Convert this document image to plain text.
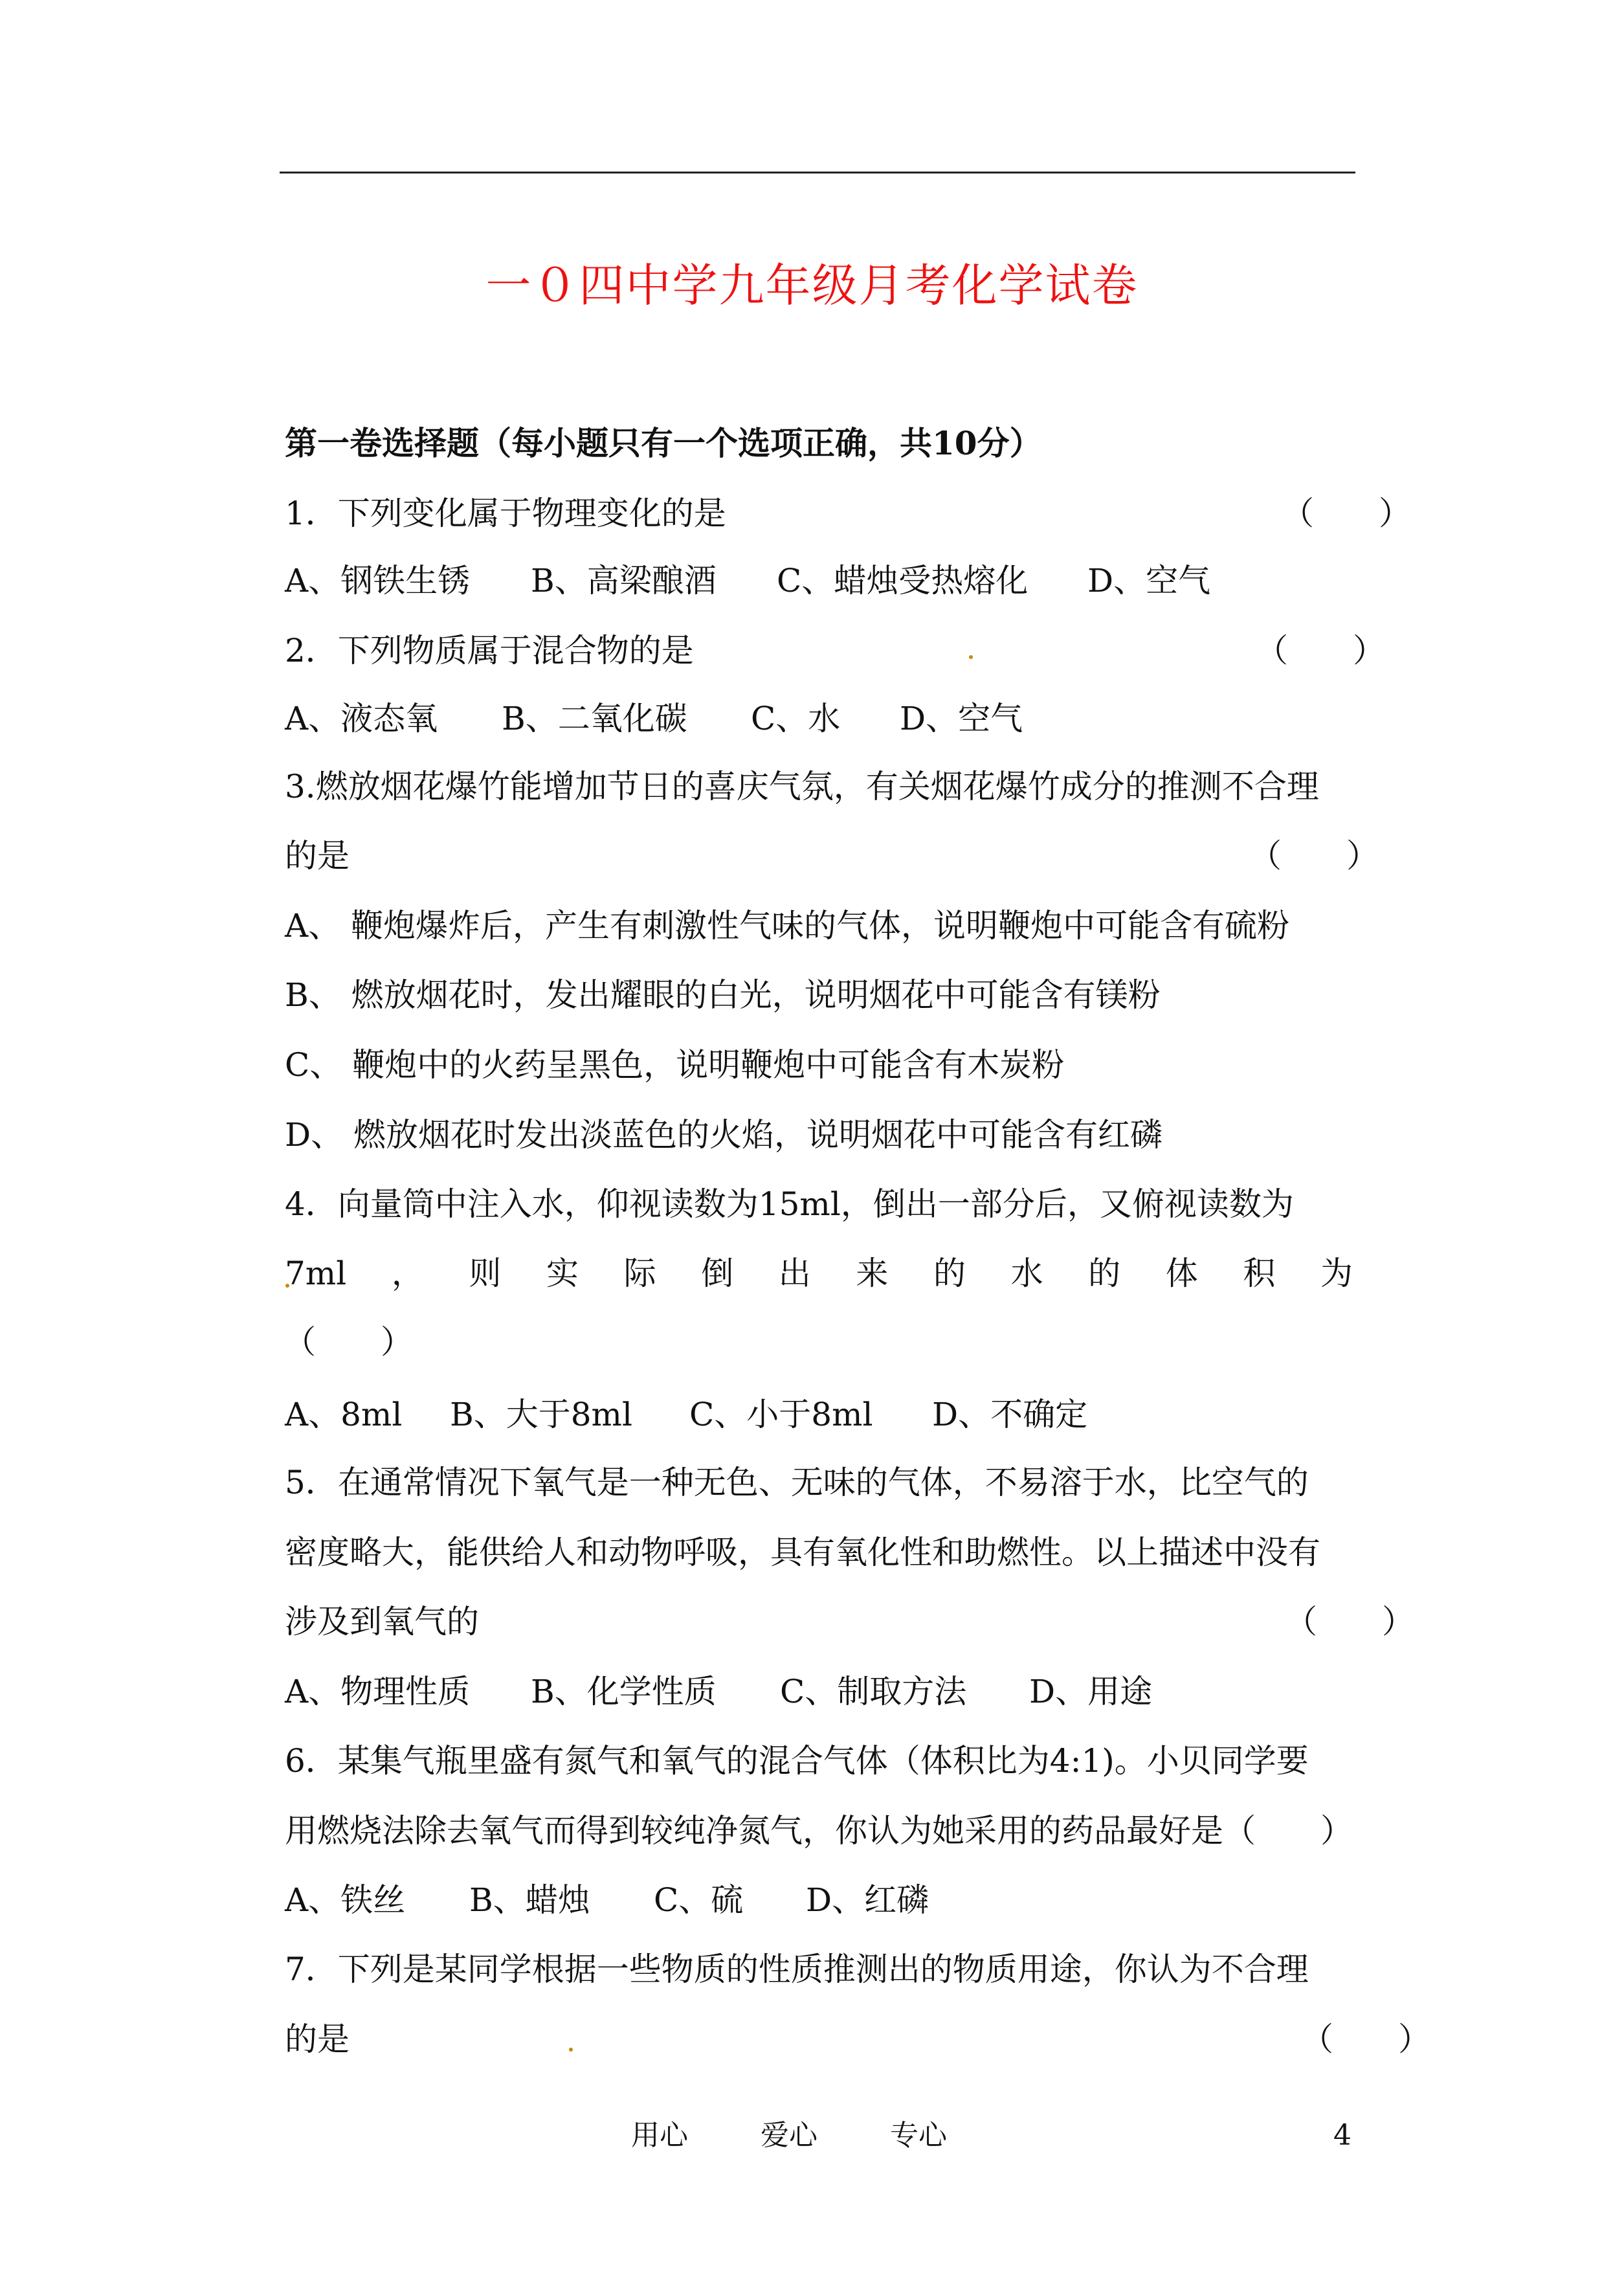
一０四中学九年级月考化学试卷
第一卷选择题（每小题只有一个选项正确，共10分）
1．下列变化属于物理变化的是	（　　）
A、钢铁生锈 B、高梁酿酒 C、蜡烛受热熔化 D、空气
2．下列物质属于混合物的是	（　　）
A、液态氧 B、二氧化碳 C、水 D、空气
3.燃放烟花爆竹能增加节日的喜庆气氛，有关烟花爆竹成分的推测不合理
的是	（　　）
A、 鞭炮爆炸后，产生有刺激性气味的气体，说明鞭炮中可能含有硫粉
B、 燃放烟花时，发出耀眼的白光，说明烟花中可能含有镁粉
C、 鞭炮中的火药呈黑色，说明鞭炮中可能含有木炭粉
D、 燃放烟花时发出淡蓝色的火焰，说明烟花中可能含有红磷
4．向量筒中注入水，仰视读数为15ml，倒出一部分后，又俯视读数为
7ml ， 则 实 际 倒 出 来 的 水 的 体 积 为
（　　）
A、8ml B、大于8ml C、小于8ml D、不确定
5．在通常情况下氧气是一种无色、无味的气体，不易溶于水，比空气的
密度略大，能供给人和动物呼吸，具有氧化性和助燃性。以上描述中没有
涉及到氧气的	（　　）
A、物理性质 B、化学性质 C、制取方法 D、用途
6．某集气瓶里盛有氮气和氧气的混合气体（体积比为4:1)。小贝同学要
用燃烧法除去氧气而得到较纯净氮气，你认为她采用的药品最好是（　　）
A、铁丝 B、蜡烛 C、硫 D、红磷
7．下列是某同学根据一些物质的性质推测出的物质用途，你认为不合理
的是	（　　）
用心	爱心	专心	4
